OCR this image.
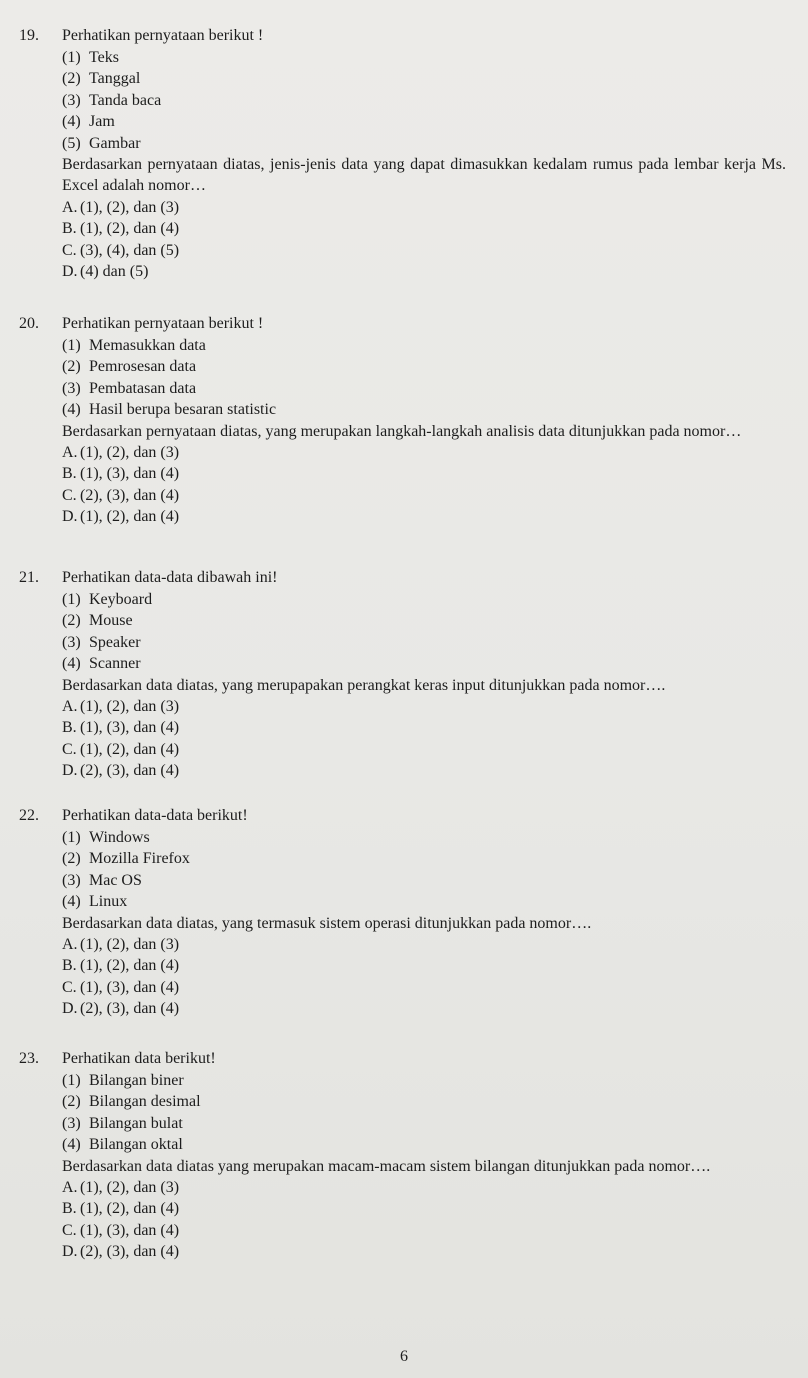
19. Perhatikan pernyataan berikut !
(1) Teks
(2) Tanggal
(3) Tanda baca
(4) Jam
(5) Gambar
Berdasarkan pernyataan diatas, jenis-jenis data yang dapat dimasukkan kedalam rumus pada lembar kerja Ms. Excel adalah nomor…
A. (1), (2), dan (3)
B. (1), (2), dan (4)
C. (3), (4), dan (5)
D. (4) dan (5)
20. Perhatikan pernyataan berikut !
(1) Memasukkan data
(2) Pemrosesan data
(3) Pembatasan data
(4) Hasil berupa besaran statistic
Berdasarkan pernyataan diatas, yang merupakan langkah-langkah analisis data ditunjukkan pada nomor…
A. (1), (2), dan (3)
B. (1), (3), dan (4)
C. (2), (3), dan (4)
D. (1), (2), dan (4)
21. Perhatikan data-data dibawah ini!
(1) Keyboard
(2) Mouse
(3) Speaker
(4) Scanner
Berdasarkan data diatas, yang merupapakan perangkat keras input ditunjukkan pada nomor….
A. (1), (2), dan (3)
B. (1), (3), dan (4)
C. (1), (2), dan (4)
D. (2), (3), dan (4)
22. Perhatikan data-data berikut!
(1) Windows
(2) Mozilla Firefox
(3) Mac OS
(4) Linux
Berdasarkan data diatas, yang termasuk sistem operasi ditunjukkan pada nomor….
A. (1), (2), dan (3)
B. (1), (2), dan (4)
C. (1), (3), dan (4)
D. (2), (3), dan (4)
23. Perhatikan data berikut!
(1) Bilangan biner
(2) Bilangan desimal
(3) Bilangan bulat
(4) Bilangan oktal
Berdasarkan data diatas yang merupakan macam-macam sistem bilangan ditunjukkan pada nomor….
A. (1), (2), dan (3)
B. (1), (2), dan (4)
C. (1), (3), dan (4)
D. (2), (3), dan (4)
6
